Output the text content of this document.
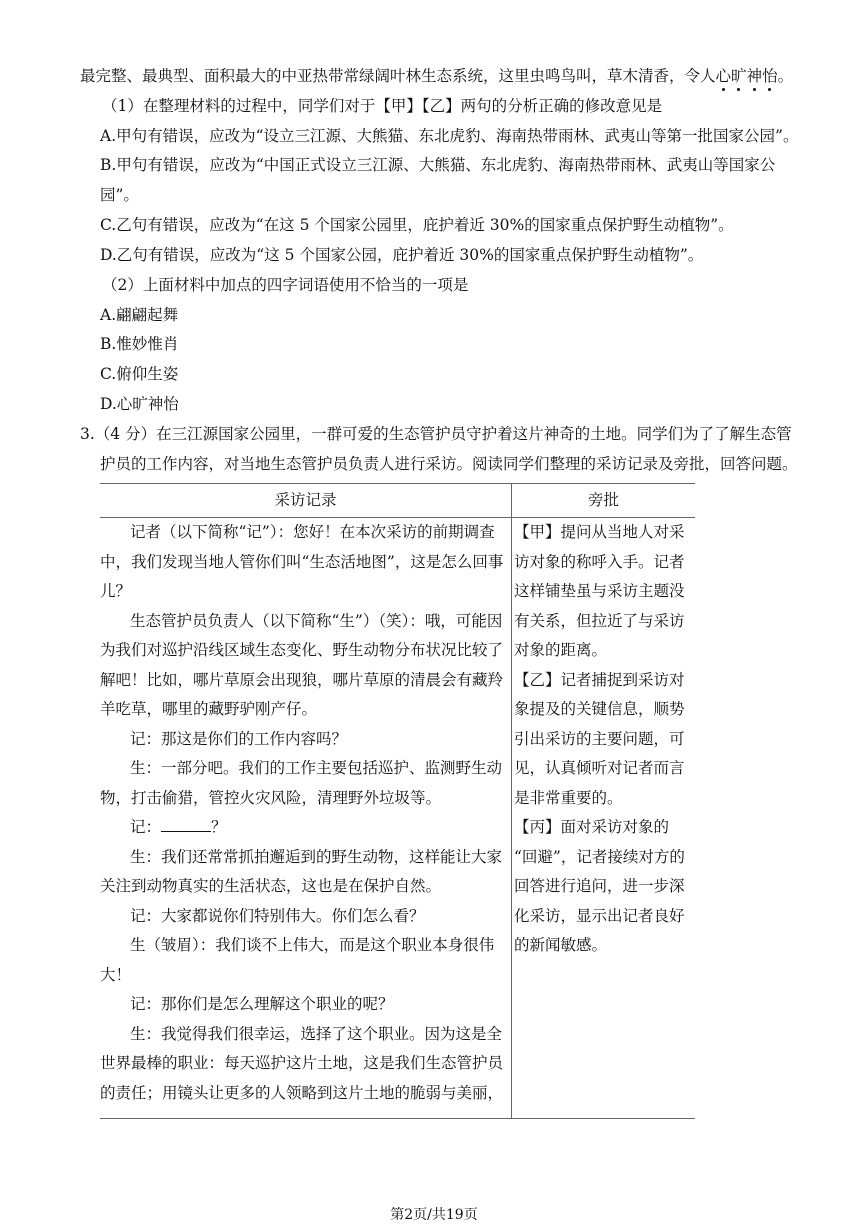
最完整、最典型、面积最大的中亚热带常绿阔叶林生态系统，这里虫鸣鸟叫，草木清香，令人心旷神怡。
（1）在整理材料的过程中，同学们对于【甲】【乙】两句的分析正确的修改意见是
A.甲句有错误，应改为“设立三江源、大熊猫、东北虎豹、海南热带雨林、武夷山等第一批国家公园”。
B.甲句有错误，应改为“中国正式设立三江源、大熊猫、东北虎豹、海南热带雨林、武夷山等国家公
园”。
C.乙句有错误，应改为“在这 5 个国家公园里，庇护着近 30%的国家重点保护野生动植物”。
D.乙句有错误，应改为“这 5 个国家公园，庇护着近 30%的国家重点保护野生动植物”。
（2）上面材料中加点的四字词语使用不恰当的一项是
A.翩翩起舞
B.惟妙惟肖
C.俯仰生姿
D.心旷神怡
3.（4 分）在三江源国家公园里，一群可爱的生态管护员守护着这片神奇的土地。同学们为了了解生态管
护员的工作内容，对当地生态管护员负责人进行采访。阅读同学们整理的采访记录及旁批，回答问题。
采访记录	旁批
记者（以下简称“记”）：您好！在本次采访的前期调查
中，我们发现当地人管你们叫“生态活地图”，这是怎么回事
儿？
生态管护员负责人（以下简称“生”）（笑）：哦，可能因
为我们对巡护沿线区域生态变化、野生动物分布状况比较了
解吧！比如，哪片草原会出现狼，哪片草原的清晨会有藏羚
羊吃草，哪里的藏野驴刚产仔。
记：那这是你们的工作内容吗？
生：一部分吧。我们的工作主要包括巡护、监测野生动
物，打击偷猎，管控火灾风险，清理野外垃圾等。
记：	？
生：我们还常常抓拍邂逅到的野生动物，这样能让大家
关注到动物真实的生活状态，这也是在保护自然。
记：大家都说你们特别伟大。你们怎么看？
生（皱眉）：我们谈不上伟大，而是这个职业本身很伟
大！
记：那你们是怎么理解这个职业的呢？
生：我觉得我们很幸运，选择了这个职业。因为这是全
世界最棒的职业：每天巡护这片土地，这是我们生态管护员
的责任；用镜头让更多的人领略到这片土地的脆弱与美丽，
【甲】提问从当地人对采
访对象的称呼入手。记者
这样铺垫虽与采访主题没
有关系，但拉近了与采访
对象的距离。
【乙】记者捕捉到采访对
象提及的关键信息，顺势
引出采访的主要问题，可
见，认真倾听对记者而言
是非常重要的。
【丙】面对采访对象的
“回避”，记者接续对方的
回答进行追问，进一步深
化采访，显示出记者良好
的新闻敏感。
第2页/共19页
